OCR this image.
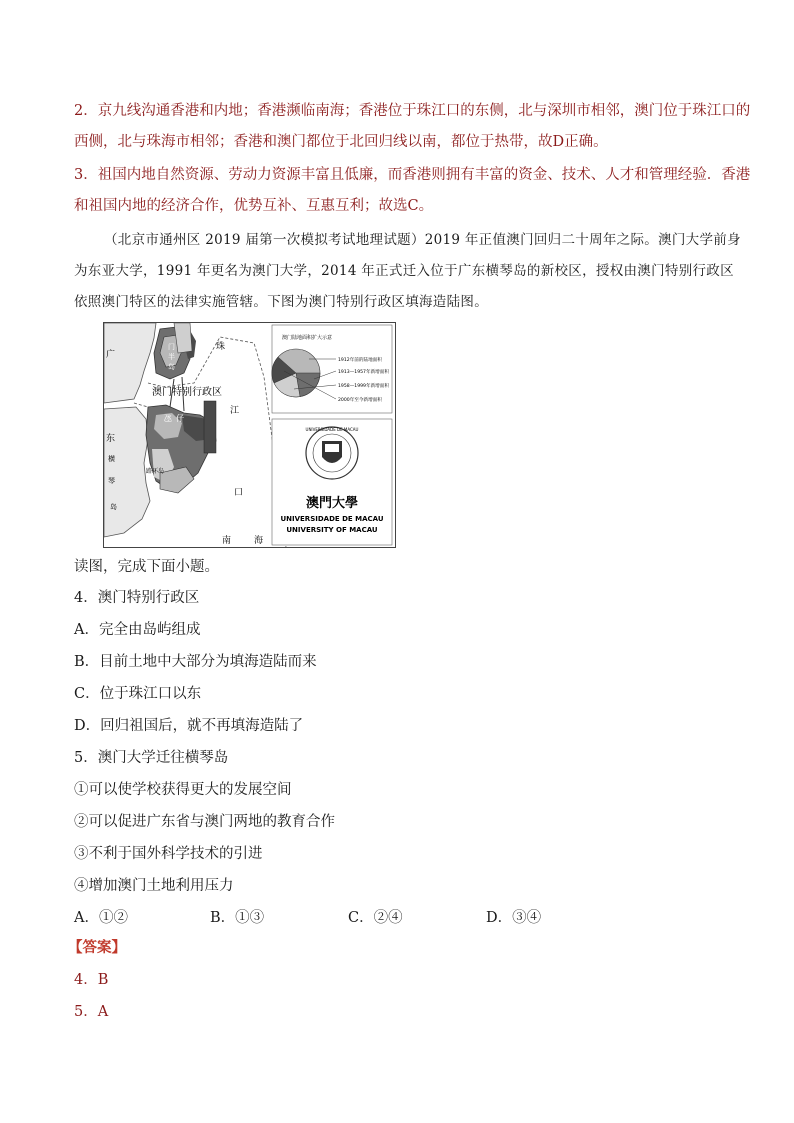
2．京九线沟通香港和内地；香港濒临南海；香港位于珠江口的东侧，北与深圳市相邻，澳门位于珠江口的
西侧，北与珠海市相邻；香港和澳门都位于北回归线以南，都位于热带，故D正确。
3．祖国内地自然资源、劳动力资源丰富且低廉，而香港则拥有丰富的资金、技术、人才和管理经验．香港
和祖国内地的经济合作，优势互补、互惠互利；故选C。
（北京市通州区 2019 届第一次模拟考试地理试题）2019 年正值澳门回归二十周年之际。澳门大学前身
为东亚大学，1991 年更名为澳门大学，2014 年正式迁入位于广东横琴岛的新校区，授权由澳门特别行政区
依照澳门特区的法律实施管辖。下图为澳门特别行政区填海造陆图。
广
东
横
琴
岛
珠
江
口
南	海
澳门特别行政区
门
半
岛
氹 仔
路环岛
澳门陆地面积扩大示意
1912年前的陆地面积
1913—1957年新增面积
1958—1999年新增面积
2000年至今新增面积
UNIVERSIDADE DE MACAU
澳門大學
UNIVERSIDADE DE MACAU
UNIVERSITY OF MACAU
读图，完成下面小题。
4．澳门特别行政区
A．完全由岛屿组成
B．目前土地中大部分为填海造陆而来
C．位于珠江口以东
D．回归祖国后，就不再填海造陆了
5．澳门大学迁往横琴岛
①可以使学校获得更大的发展空间
②可以促进广东省与澳门两地的教育合作
③不利于国外科学技术的引进
④增加澳门土地利用压力
A．①②	B．①③	C．②④	D．③④
【答案】
4．B
5．A
